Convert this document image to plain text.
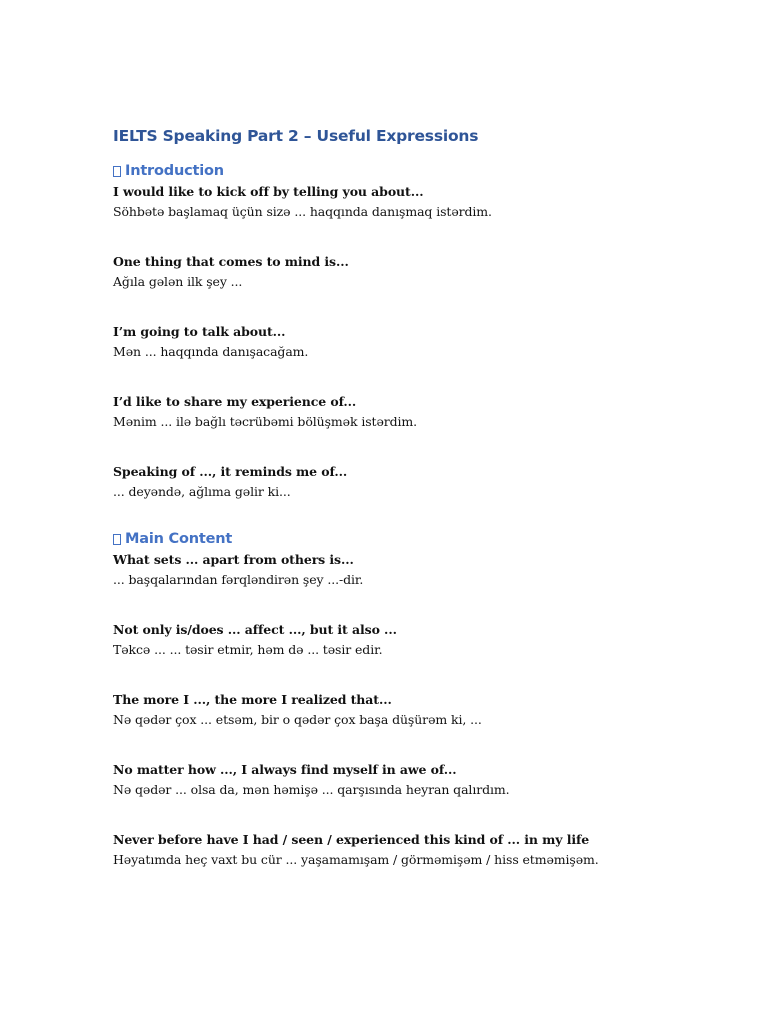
IELTS Speaking Part 2 – Useful Expressions
Introduction
I would like to kick off by telling you about...
Söhbətə başlamaq üçün sizə ... haqqında danışmaq istərdim.
One thing that comes to mind is...
Ağıla gələn ilk şey ...
I’m going to talk about...
Mən ... haqqında danışacağam.
I’d like to share my experience of...
Mənim ... ilə bağlı təcrübəmi bölüşmək istərdim.
Speaking of ..., it reminds me of...
... deyəndə, ağlıma gəlir ki...
Main Content
What sets ... apart from others is...
... başqalarından fərqləndirən şey ...-dir.
Not only is/does ... affect ..., but it also ...
Təkcə ... ... təsir etmir, həm də ... təsir edir.
The more I ..., the more I realized that...
Nə qədər çox ... etsəm, bir o qədər çox başa düşürəm ki, ...
No matter how ..., I always find myself in awe of...
Nə qədər ... olsa da, mən həmişə ... qarşısında heyran qalırdım.
Never before have I had / seen / experienced this kind of ... in my life
Həyatımda heç vaxt bu cür ... yaşamamışam / görməmişəm / hiss etməmişəm.
